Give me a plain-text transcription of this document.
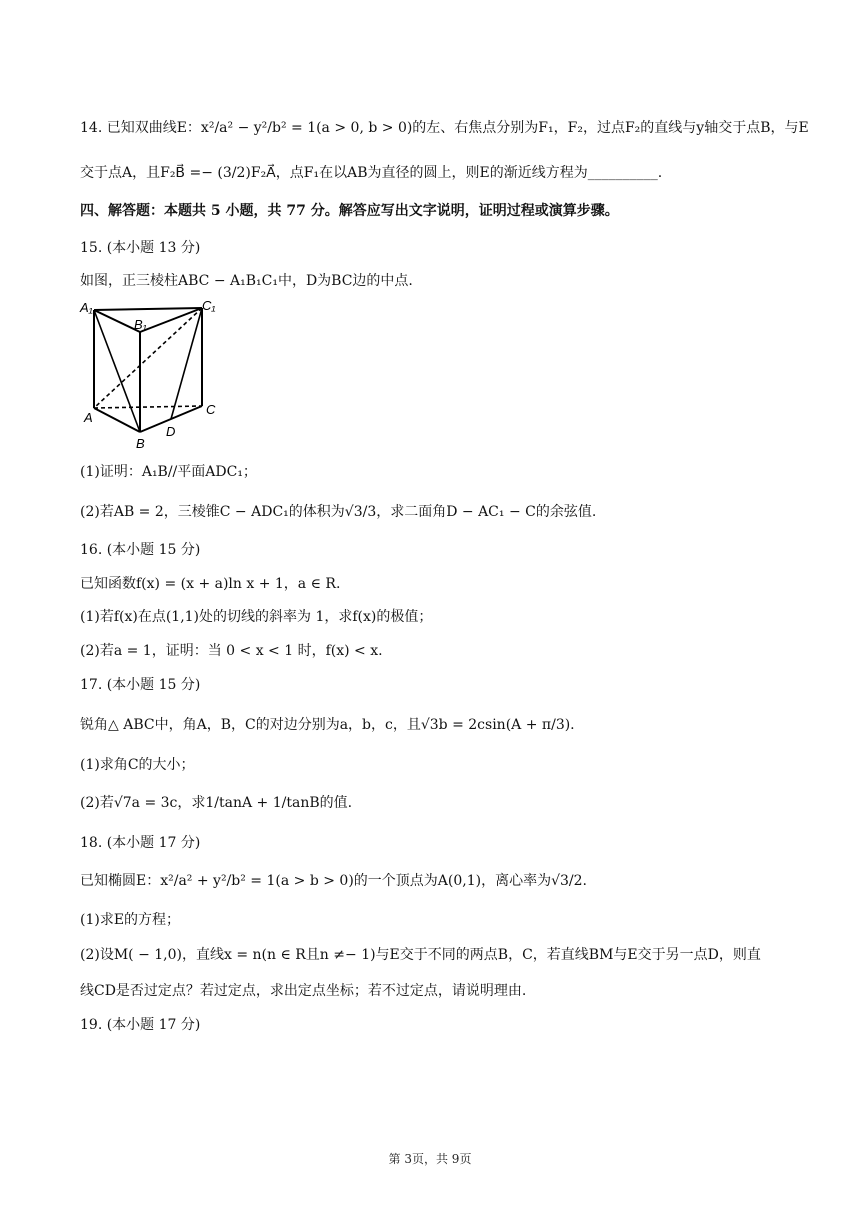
14. 已知双曲线E：x²/a² − y²/b² = 1(a > 0, b > 0)的左、右焦点分别为F₁，F₂，过点F₂的直线与y轴交于点B，与E
交于点A，且F₂B⃗ =− (3/2)F₂A⃗，点F₁在以AB为直径的圆上，则E的渐近线方程为__________.
四、解答题：本题共 5 小题，共 77 分。解答应写出文字说明，证明过程或演算步骤。
15. (本小题 13 分)
如图，正三棱柱ABC − A₁B₁C₁中，D为BC边的中点.
A₁
B₁
C₁
A
B
C
D
(1)证明：A₁B//平面ADC₁；
(2)若AB = 2，三棱锥C − ADC₁的体积为√3/3，求二面角D − AC₁ − C的余弦值.
16. (本小题 15 分)
已知函数f(x) = (x + a)ln x + 1，a ∈ R.
(1)若f(x)在点(1,1)处的切线的斜率为 1，求f(x)的极值；
(2)若a = 1，证明：当 0 < x < 1 时，f(x) < x.
17. (本小题 15 分)
锐角△ ABC中，角A，B，C的对边分别为a，b，c，且√3b = 2csin(A + π/3).
(1)求角C的大小；
(2)若√7a = 3c，求1/tanA + 1/tanB的值.
18. (本小题 17 分)
已知椭圆E：x²/a² + y²/b² = 1(a > b > 0)的一个顶点为A(0,1)，离心率为√3/2.
(1)求E的方程；
(2)设M( − 1,0)，直线x = n(n ∈ R且n ≠− 1)与E交于不同的两点B，C，若直线BM与E交于另一点D，则直
线CD是否过定点？若过定点，求出定点坐标；若不过定点，请说明理由.
19. (本小题 17 分)
第 3页，共 9页
